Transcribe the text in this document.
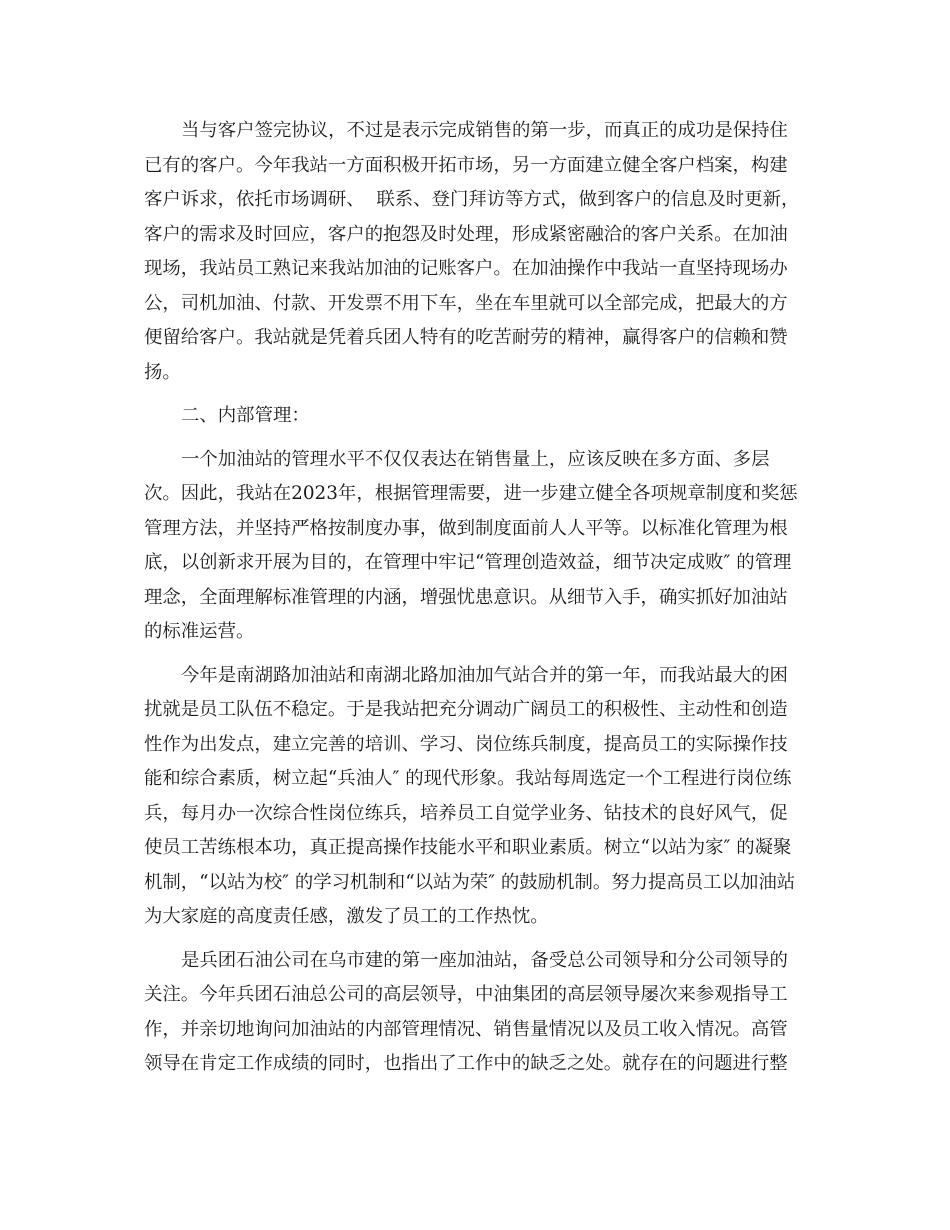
当与客户签完协议，不过是表示完成销售的第一步，而真正的成功是保持住
已有的客户。今年我站一方面积极开拓市场，另一方面建立健全客户档案，构建
客户诉求，依托市场调研、  联系、登门拜访等方式，做到客户的信息及时更新，
客户的需求及时回应，客户的抱怨及时处理，形成紧密融洽的客户关系。在加油
现场，我站员工熟记来我站加油的记账客户。在加油操作中我站一直坚持现场办
公，司机加油、付款、开发票不用下车，坐在车里就可以全部完成，把最大的方
便留给客户。我站就是凭着兵团人特有的吃苦耐劳的精神，赢得客户的信赖和赞
扬。
二、内部管理：
一个加油站的管理水平不仅仅表达在销售量上，应该反映在多方面、多层
次。因此，我站在2023年，根据管理需要，进一步建立健全各项规章制度和奖惩
管理方法，并坚持严格按制度办事，做到制度面前人人平等。以标准化管理为根
底，以创新求开展为目的，在管理中牢记“管理创造效益，细节决定成败″ 的管理
理念，全面理解标准管理的内涵，增强忧患意识。从细节入手，确实抓好加油站
的标准运营。
今年是南湖路加油站和南湖北路加油加气站合并的第一年，而我站最大的困
扰就是员工队伍不稳定。于是我站把充分调动广阔员工的积极性、主动性和创造
性作为出发点，建立完善的培训、学习、岗位练兵制度，提高员工的实际操作技
能和综合素质，树立起“兵油人″ 的现代形象。我站每周选定一个工程进行岗位练
兵，每月办一次综合性岗位练兵，培养员工自觉学业务、钻技术的良好风气，促
使员工苦练根本功，真正提高操作技能水平和职业素质。树立“以站为家″ 的凝聚
机制，“以站为校″ 的学习机制和“以站为荣″ 的鼓励机制。努力提高员工以加油站
为大家庭的高度责任感，激发了员工的工作热忱。
是兵团石油公司在乌市建的第一座加油站，备受总公司领导和分公司领导的
关注。今年兵团石油总公司的高层领导，中油集团的高层领导屡次来参观指导工
作，并亲切地询问加油站的内部管理情况、销售量情况以及员工收入情况。高管
领导在肯定工作成绩的同时，也指出了工作中的缺乏之处。就存在的问题进行整
